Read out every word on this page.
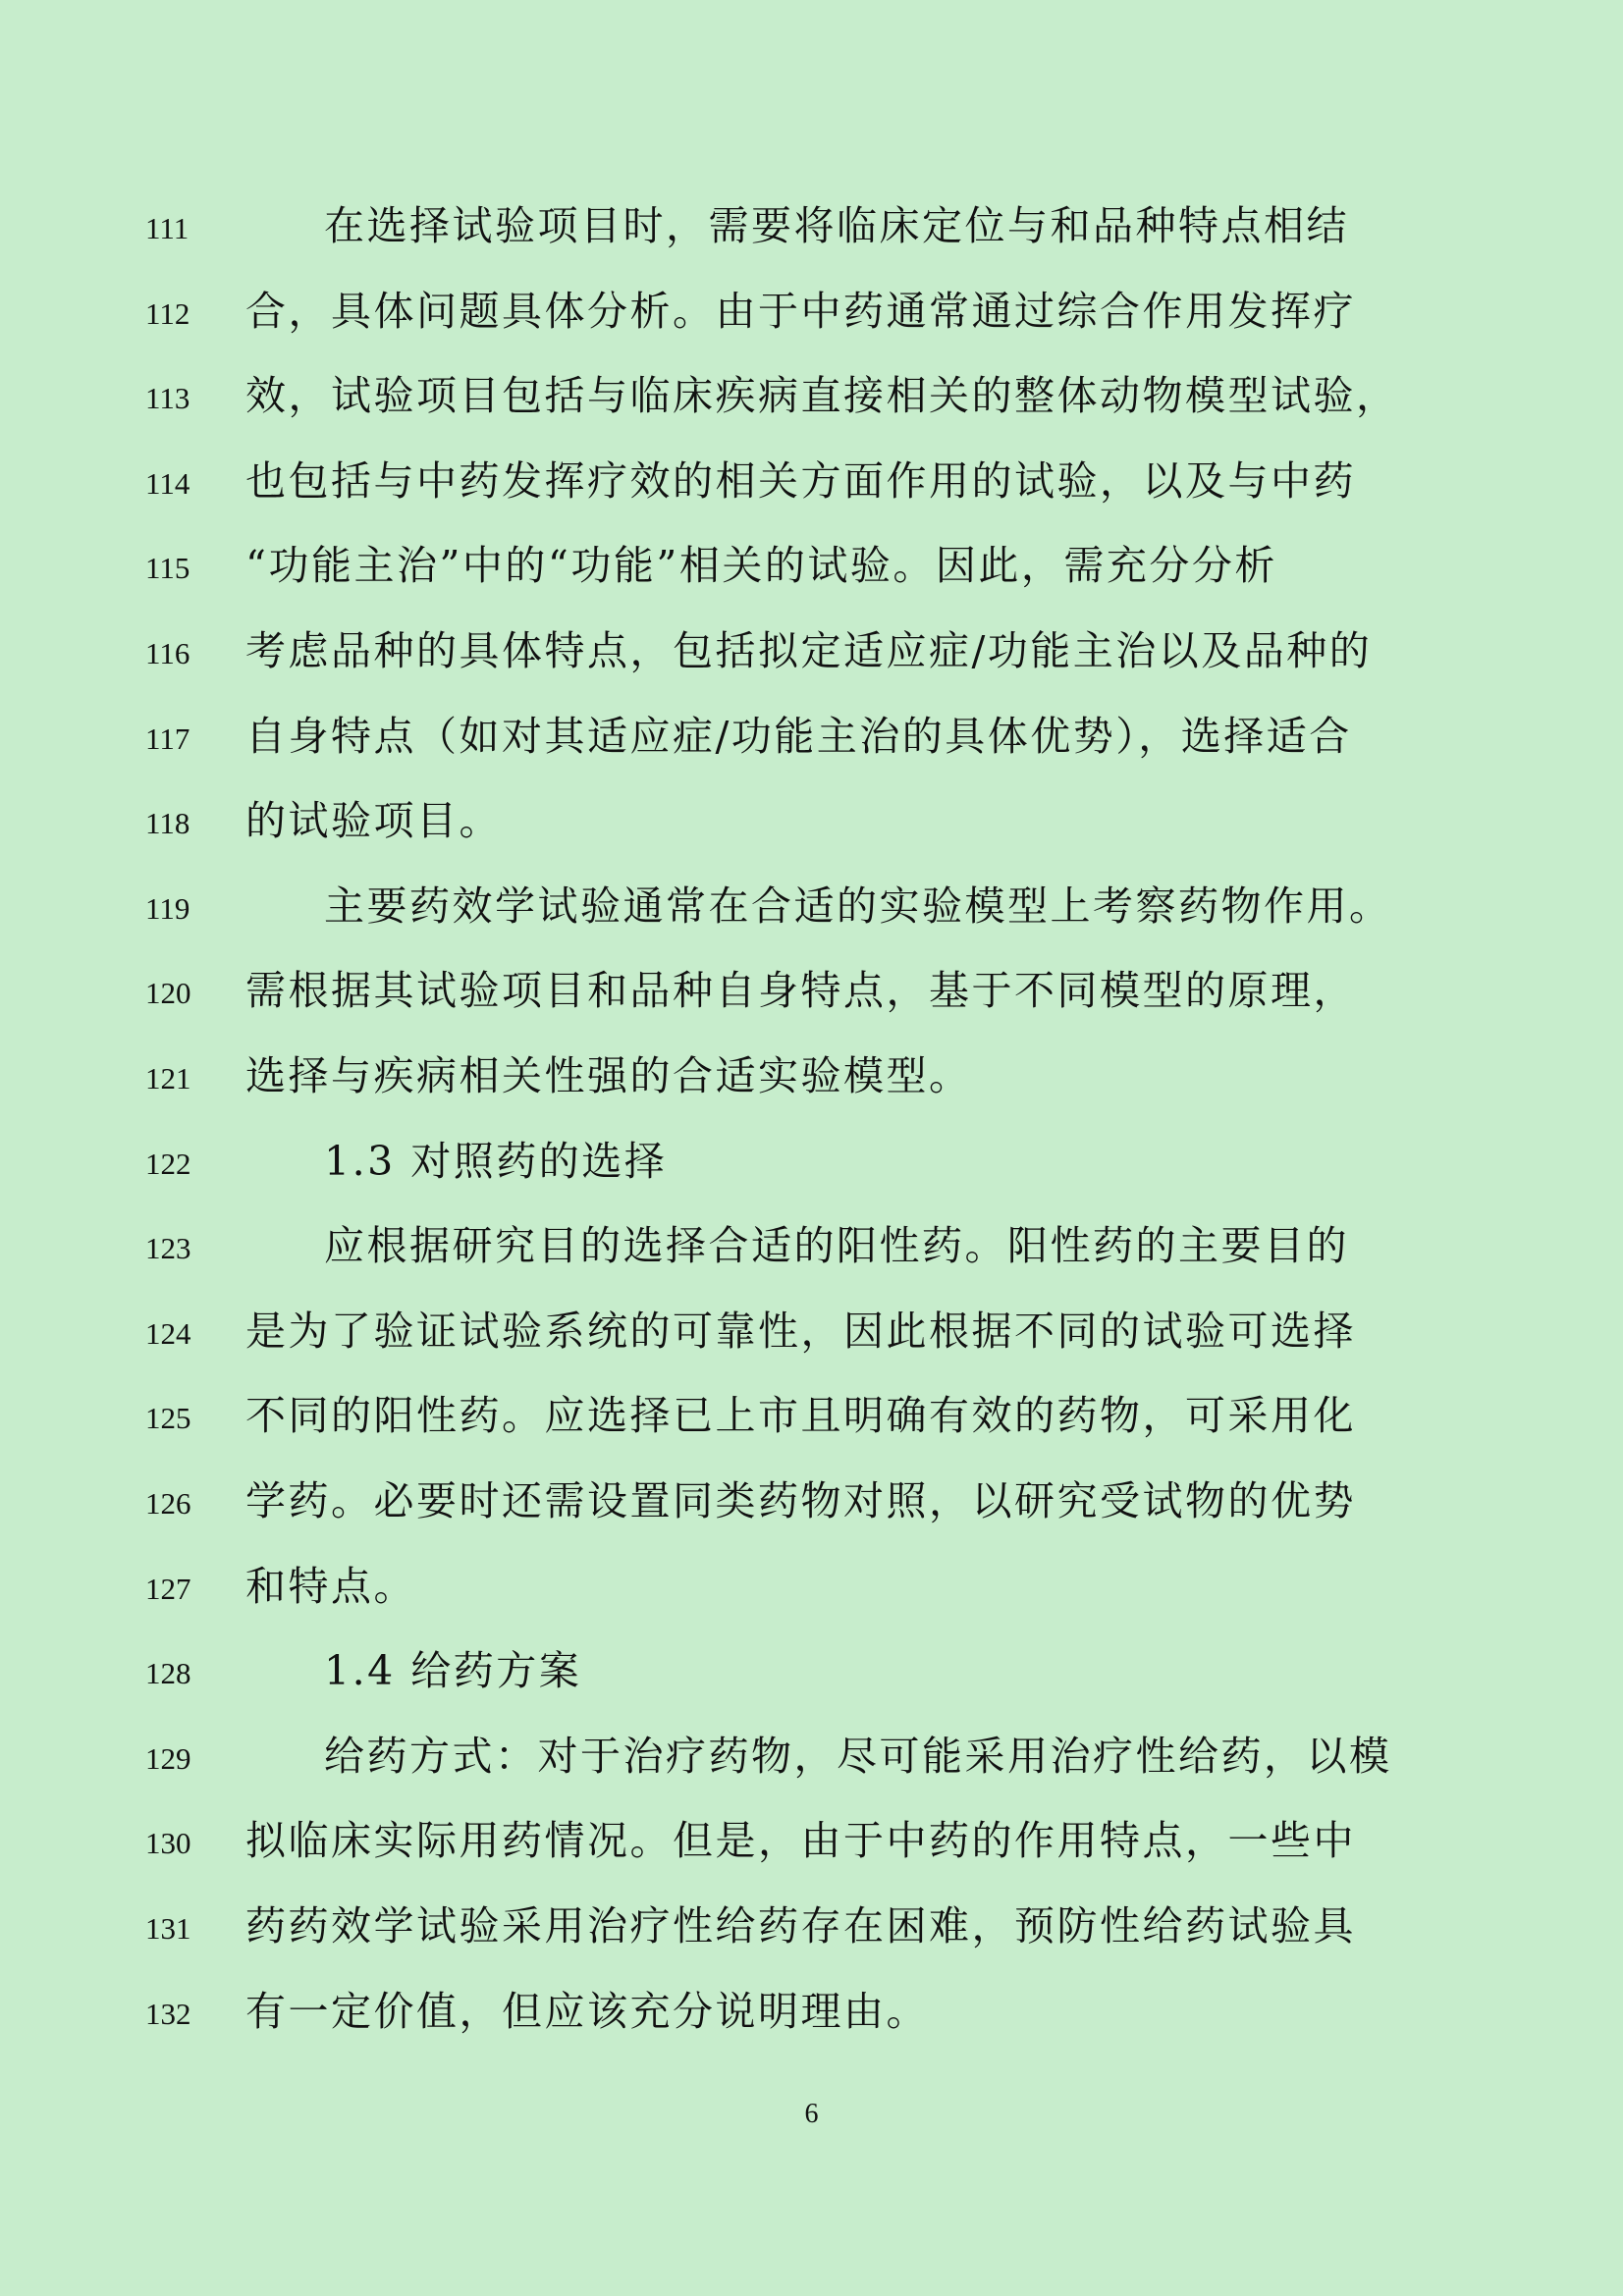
111	在选择试验项目时，需要将临床定位与和品种特点相结
112	合，具体问题具体分析。由于中药通常通过综合作用发挥疗
113	效，试验项目包括与临床疾病直接相关的整体动物模型试验，
114	也包括与中药发挥疗效的相关方面作用的试验，以及与中药
115	“功能主治”中的“功能”相关的试验。因此，需充分分析
116	考虑品种的具体特点，包括拟定适应症/功能主治以及品种的
117	自身特点（如对其适应症/功能主治的具体优势），选择适合
118	的试验项目。
119	主要药效学试验通常在合适的实验模型上考察药物作用。
120	需根据其试验项目和品种自身特点，基于不同模型的原理，
121	选择与疾病相关性强的合适实验模型。
122	1.3 对照药的选择
123	应根据研究目的选择合适的阳性药。阳性药的主要目的
124	是为了验证试验系统的可靠性，因此根据不同的试验可选择
125	不同的阳性药。应选择已上市且明确有效的药物，可采用化
126	学药。必要时还需设置同类药物对照，以研究受试物的优势
127	和特点。
128	1.4 给药方案
129	给药方式：对于治疗药物，尽可能采用治疗性给药，以模
130	拟临床实际用药情况。但是，由于中药的作用特点，一些中
131	药药效学试验采用治疗性给药存在困难，预防性给药试验具
132	有一定价值，但应该充分说明理由。
6
